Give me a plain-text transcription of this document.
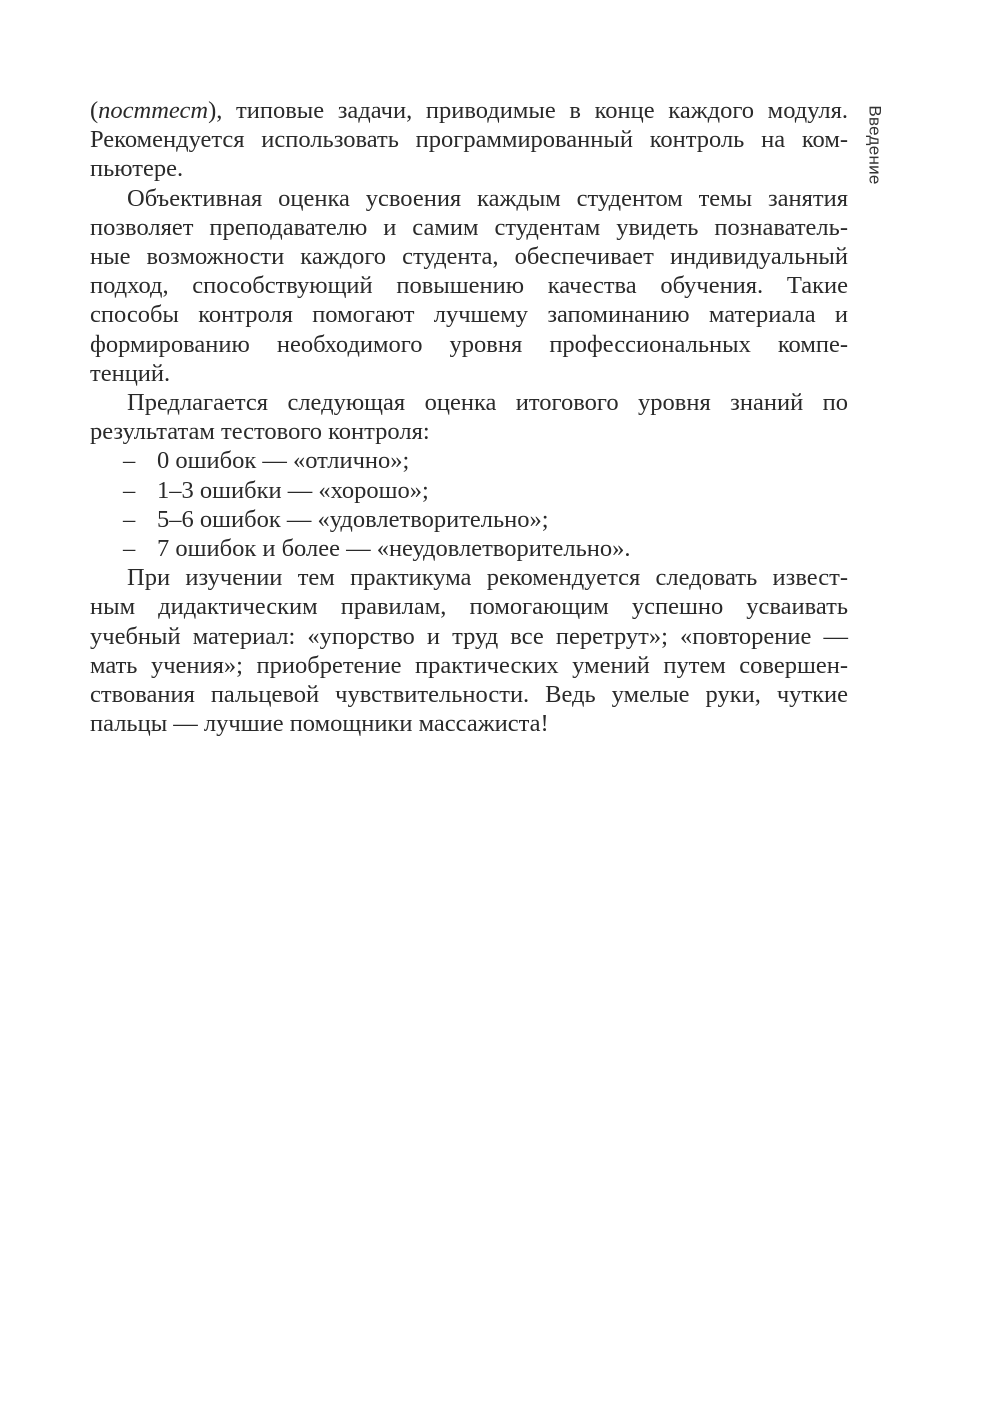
Введение

(посттест), типовые задачи, приводимые в конце каждого модуля.
Рекомендуется использовать программированный контроль на ком-
пьютере.

Объективная оценка усвоения каждым студентом темы занятия
позволяет преподавателю и самим студентам увидеть познаватель-
ные возможности каждого студента, обеспечивает индивидуальный
подход, способствующий повышению качества обучения. Такие
способы контроля помогают лучшему запоминанию материала и
формированию необходимого уровня профессиональных компе-
тенций.

Предлагается следующая оценка итогового уровня знаний по
результатам тестового контроля:

– 0 ошибок — «отлично»;
– 1–3 ошибки — «хорошо»;
– 5–6 ошибок — «удовлетворительно»;
– 7 ошибок и более — «неудовлетворительно».

При изучении тем практикума рекомендуется следовать извест-
ным дидактическим правилам, помогающим успешно усваивать
учебный материал: «упорство и труд все перетрут»; «повторение —
мать учения»; приобретение практических умений путем совершен-
ствования пальцевой чувствительности. Ведь умелые руки, чуткие
пальцы — лучшие помощники массажиста!
